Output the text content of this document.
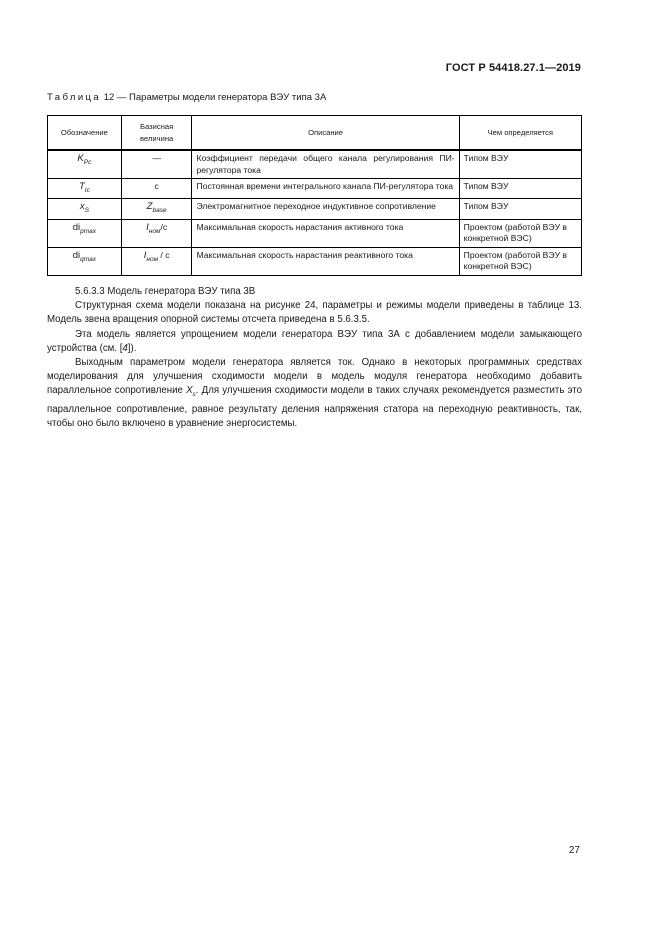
ГОСТ Р 54418.27.1—2019
Таблица 12 — Параметры модели генератора ВЭУ типа 3A
Обозначение	Базисная величина	Описание	Чем определяется
$K_{Pc}$	—	Коэффициент передачи общего канала регулирования ПИ-регулятора тока	Типом ВЭУ
$T_{Ic}$	с	Постоянная времени интегрального канала ПИ-регулятора тока	Типом ВЭУ
$x_S$	$Z_{base}$	Электромагнитное переходное индуктивное сопротивление	Типом ВЭУ
$di_{pmax}$	$I_{ном}/с$	Максимальная скорость нарастания активного тока	Проектом (работой ВЭУ в конкретной ВЭС)
$di_{qmax}$	$I_{ном}$ / с	Максимальная скорость нарастания реактивного тока	Проектом (работой ВЭУ в конкретной ВЭС)

5.6.3.3 Модель генератора ВЭУ типа 3В

Структурная схема модели показана на рисунке 24, параметры и режимы модели приведены в таблице 13. Модель звена вращения опорной системы отсчета приведена в 5.6.3.5.

Эта модель является упрощением модели генератора ВЭУ типа 3А с добавлением модели замыкающего устройства (см. [4]).

Выходным параметром модели генератора является ток. Однако в некоторых программных средствах моделирования для улучшения сходимости модели в модель модуля генератора необходимо добавить параллельное сопротивление $X_s$. Для улучшения сходимости модели в таких случаях рекомендуется разместить это параллельное сопротивление, равное результату деления напряжения статора на переходную реактивность, так, чтобы оно было включено в уравнение энергосистемы.

27
